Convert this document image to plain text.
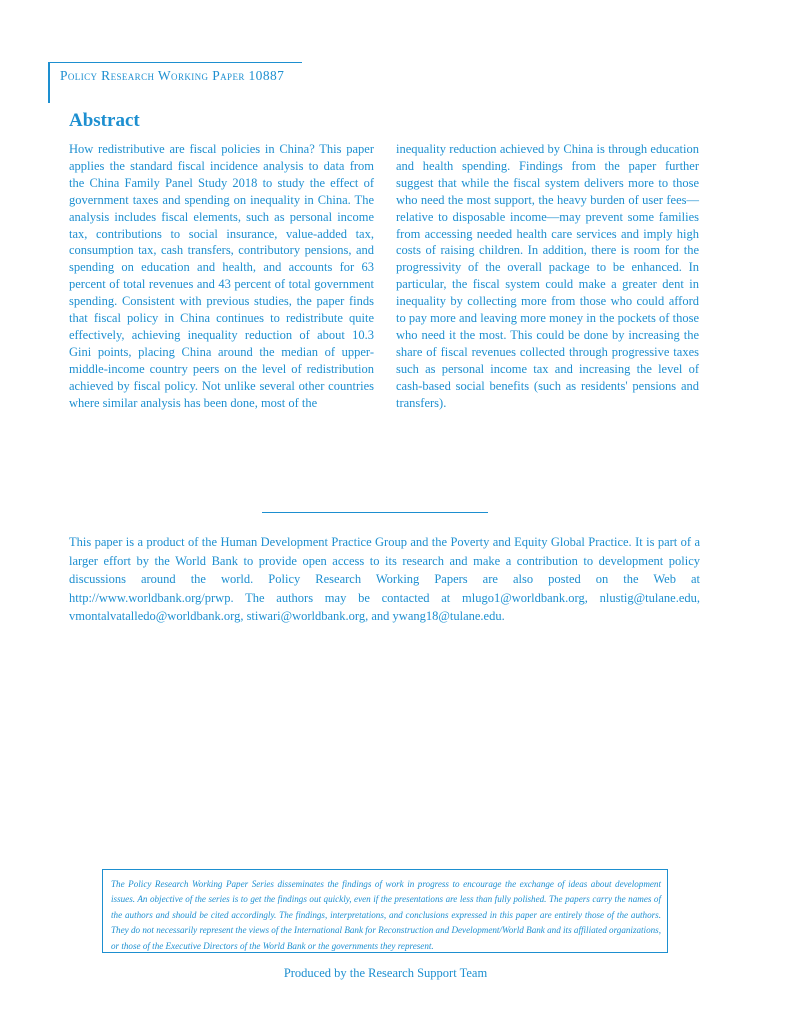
Policy Research Working Paper 10887
Abstract

How redistributive are fiscal policies in China? This paper applies the standard fiscal incidence analysis to data from the China Family Panel Study 2018 to study the effect of government taxes and spending on inequality in China. The analysis includes fiscal elements, such as personal income tax, contributions to social insurance, value-added tax, consumption tax, cash transfers, contributory pensions, and spending on education and health, and accounts for 63 percent of total revenues and 43 percent of total government spending. Consistent with previous studies, the paper finds that fiscal policy in China continues to redistribute quite effectively, achieving inequality reduction of about 10.3 Gini points, placing China around the median of upper-middle-income country peers on the level of redistribution achieved by fiscal policy. Not unlike several other countries where similar analysis has been done, most of the

inequality reduction achieved by China is through education and health spending. Findings from the paper further suggest that while the fiscal system delivers more to those who need the most support, the heavy burden of user fees—relative to disposable income—may prevent some families from accessing needed health care services and imply high costs of raising children. In addition, there is room for the progressivity of the overall package to be enhanced. In particular, the fiscal system could make a greater dent in inequality by collecting more from those who could afford to pay more and leaving more money in the pockets of those who need it the most. This could be done by increasing the share of fiscal revenues collected through progressive taxes such as personal income tax and increasing the level of cash-based social benefits (such as residents' pensions and transfers).

This paper is a product of the Human Development Practice Group and the Poverty and Equity Global Practice. It is part of a larger effort by the World Bank to provide open access to its research and make a contribution to development policy discussions around the world. Policy Research Working Papers are also posted on the Web at http://www.worldbank.org/prwp. The authors may be contacted at mlugo1@worldbank.org, nlustig@tulane.edu, vmontalvatalledo@worldbank.org, stiwari@worldbank.org, and ywang18@tulane.edu.

The Policy Research Working Paper Series disseminates the findings of work in progress to encourage the exchange of ideas about development issues. An objective of the series is to get the findings out quickly, even if the presentations are less than fully polished. The papers carry the names of the authors and should be cited accordingly. The findings, interpretations, and conclusions expressed in this paper are entirely those of the authors. They do not necessarily represent the views of the International Bank for Reconstruction and Development/World Bank and its affiliated organizations, or those of the Executive Directors of the World Bank or the governments they represent.

Produced by the Research Support Team
